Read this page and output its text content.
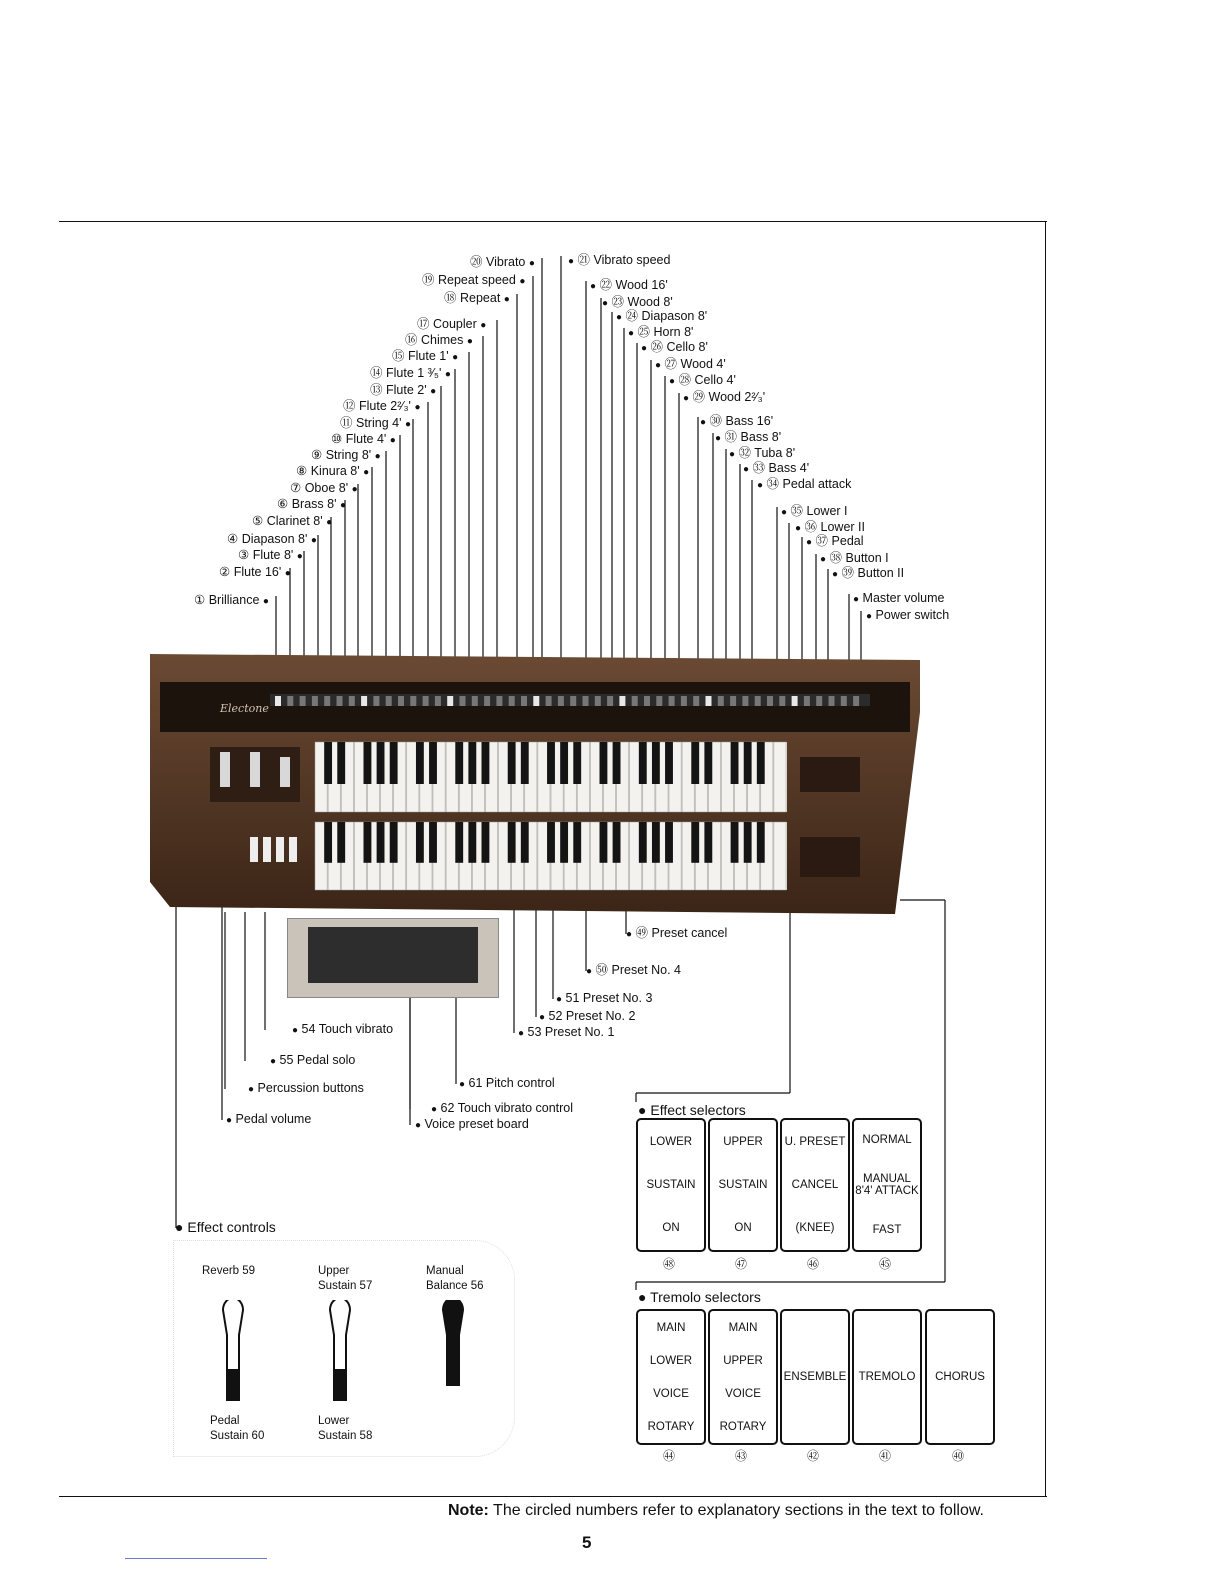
⑳ Vibrato ●
⑲ Repeat speed ●
⑱ Repeat ●
⑰ Coupler ●
⑯ Chimes ●
⑮ Flute 1' ●
⑭ Flute 1 ³⁄₅' ●
⑬ Flute 2' ●
⑫ Flute 2²⁄₃' ●
⑪ String 4' ●
⑩ Flute 4' ●
⑨ String 8' ●
⑧ Kinura 8' ●
⑦ Oboe 8' ●
⑥ Brass 8' ●
⑤ Clarinet 8' ●
④ Diapason 8' ●
③ Flute 8' ●
② Flute 16' ●
① Brilliance ●
● ㉑ Vibrato speed
● ㉒ Wood 16'
● ㉓ Wood 8'
● ㉔ Diapason 8'
● ㉕ Horn 8'
● ㉖ Cello 8'
● ㉗ Wood 4'
● ㉘ Cello 4'
● ㉙ Wood 2²⁄₃'
● ㉚ Bass 16'
● ㉛ Bass 8'
● ㉜ Tuba 8'
● ㉝ Bass 4'
● ㉞ Pedal attack
● ㉟ Lower I
● ㊱ Lower II
● ㊲ Pedal
● ㊳ Button I
● ㊴ Button II
● Master volume
● Power switch
Electone
● ㊾ Preset cancel
● ㊿ Preset No. 4
● 51 Preset No. 3
● 52 Preset No. 2
● 53 Preset No. 1
● 54 Touch vibrato
● 55 Pedal solo
● Percussion buttons
● Pedal volume
● 61 Pitch control
● 62 Touch vibrato control
● Voice preset board
● Effect selectors
LOWER
SUSTAIN
ON
㊽
UPPER
SUSTAIN
ON
㊼
U. PRESET
CANCEL
(KNEE)
㊻
NORMAL
MANUAL 8'4' ATTACK
FAST
㊺
● Tremolo selectors
MAIN
LOWER
VOICE
ROTARY
㊹
MAIN
UPPER
VOICE
ROTARY
㊸
ENSEMBLE
㊷
TREMOLO
㊶
CHORUS
㊵
● Effect controls
Reverb 59	Upper Sustain 57
Manual Balance 56
Pedal Sustain 60
Lower Sustain 58
Note: The circled numbers refer to explanatory sections in the text to follow.
5
